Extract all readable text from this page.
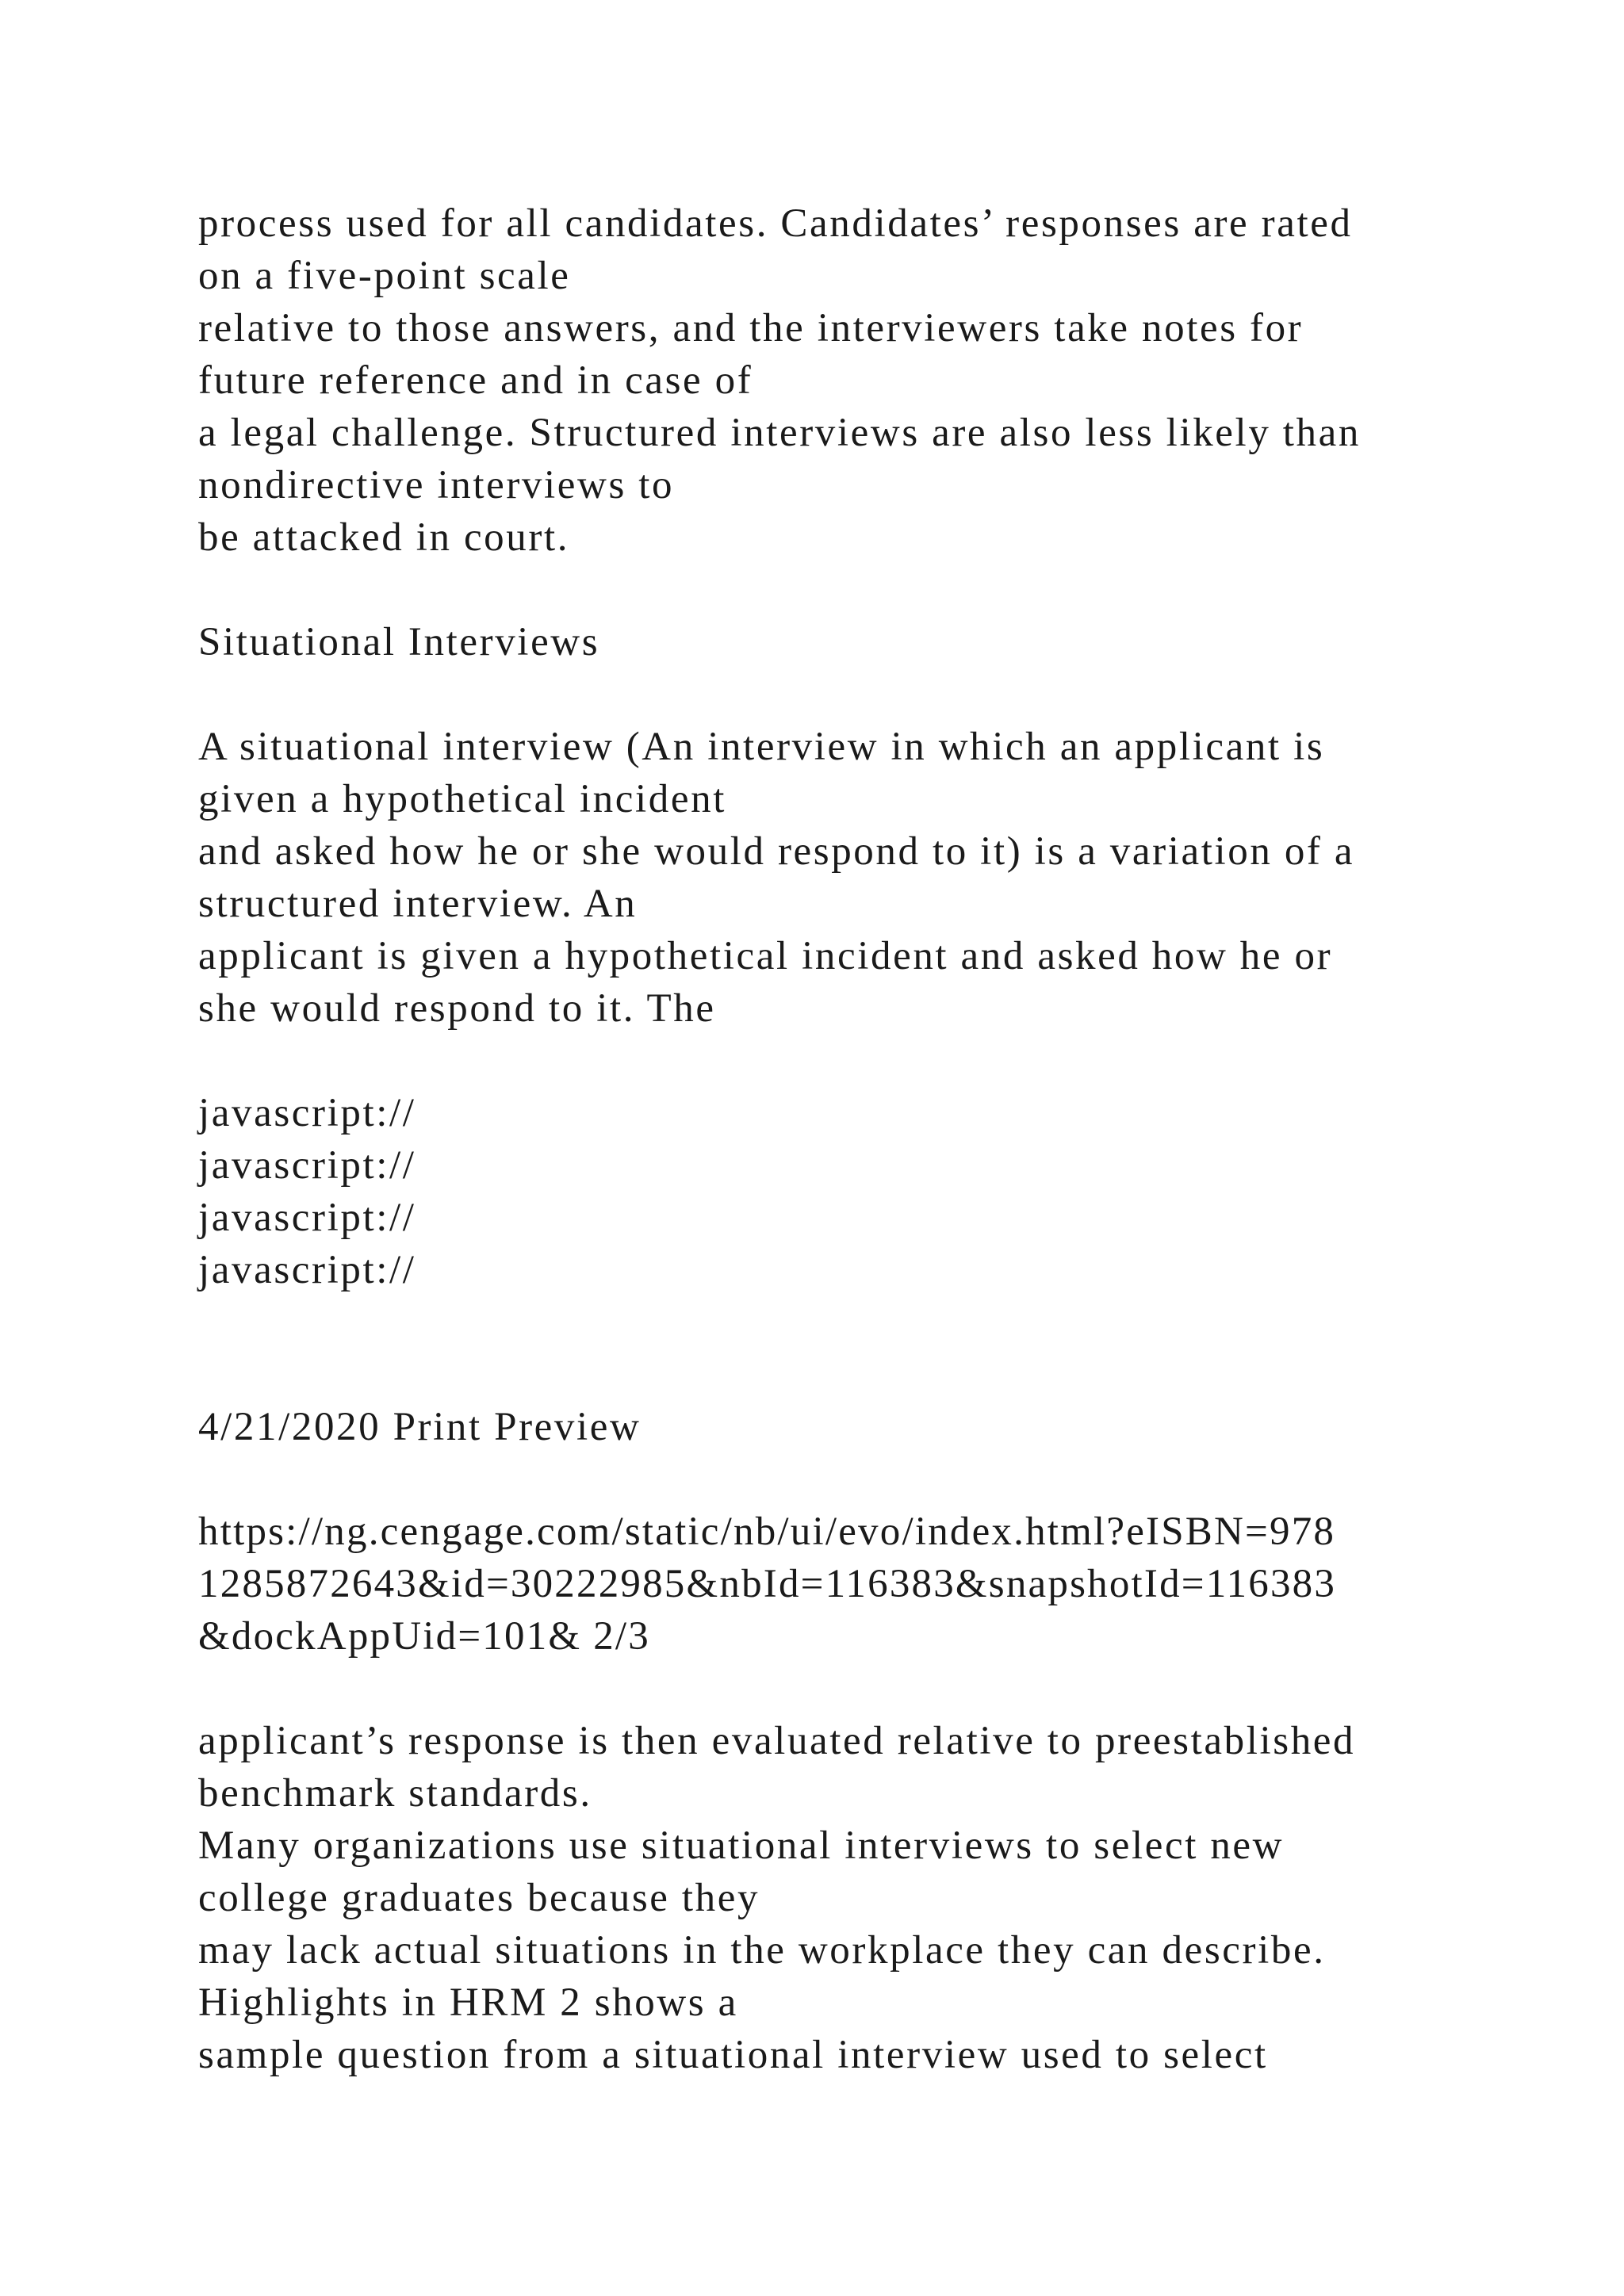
process used for all candidates. Candidates’ responses are rated

on a five-point scale

relative to those answers, and the interviewers take notes for

future reference and in case of

a legal challenge. Structured interviews are also less likely than

nondirective interviews to

be attacked in court.

Situational Interviews

A situational interview (An interview in which an applicant is

given a hypothetical incident

and asked how he or she would respond to it) is a variation of a

structured interview. An

applicant is given a hypothetical incident and asked how he or

she would respond to it. The

javascript://

javascript://

javascript://

javascript://

4/21/2020 Print Preview

https://ng.cengage.com/static/nb/ui/evo/index.html?eISBN=978

1285872643&id=30222985&nbId=116383&snapshotId=116383

&dockAppUid=101& 2/3

applicant’s response is then evaluated relative to preestablished

benchmark standards.

Many organizations use situational interviews to select new

college graduates because they

may lack actual situations in the workplace they can describe.

Highlights in HRM 2 shows a

sample question from a situational interview used to select
